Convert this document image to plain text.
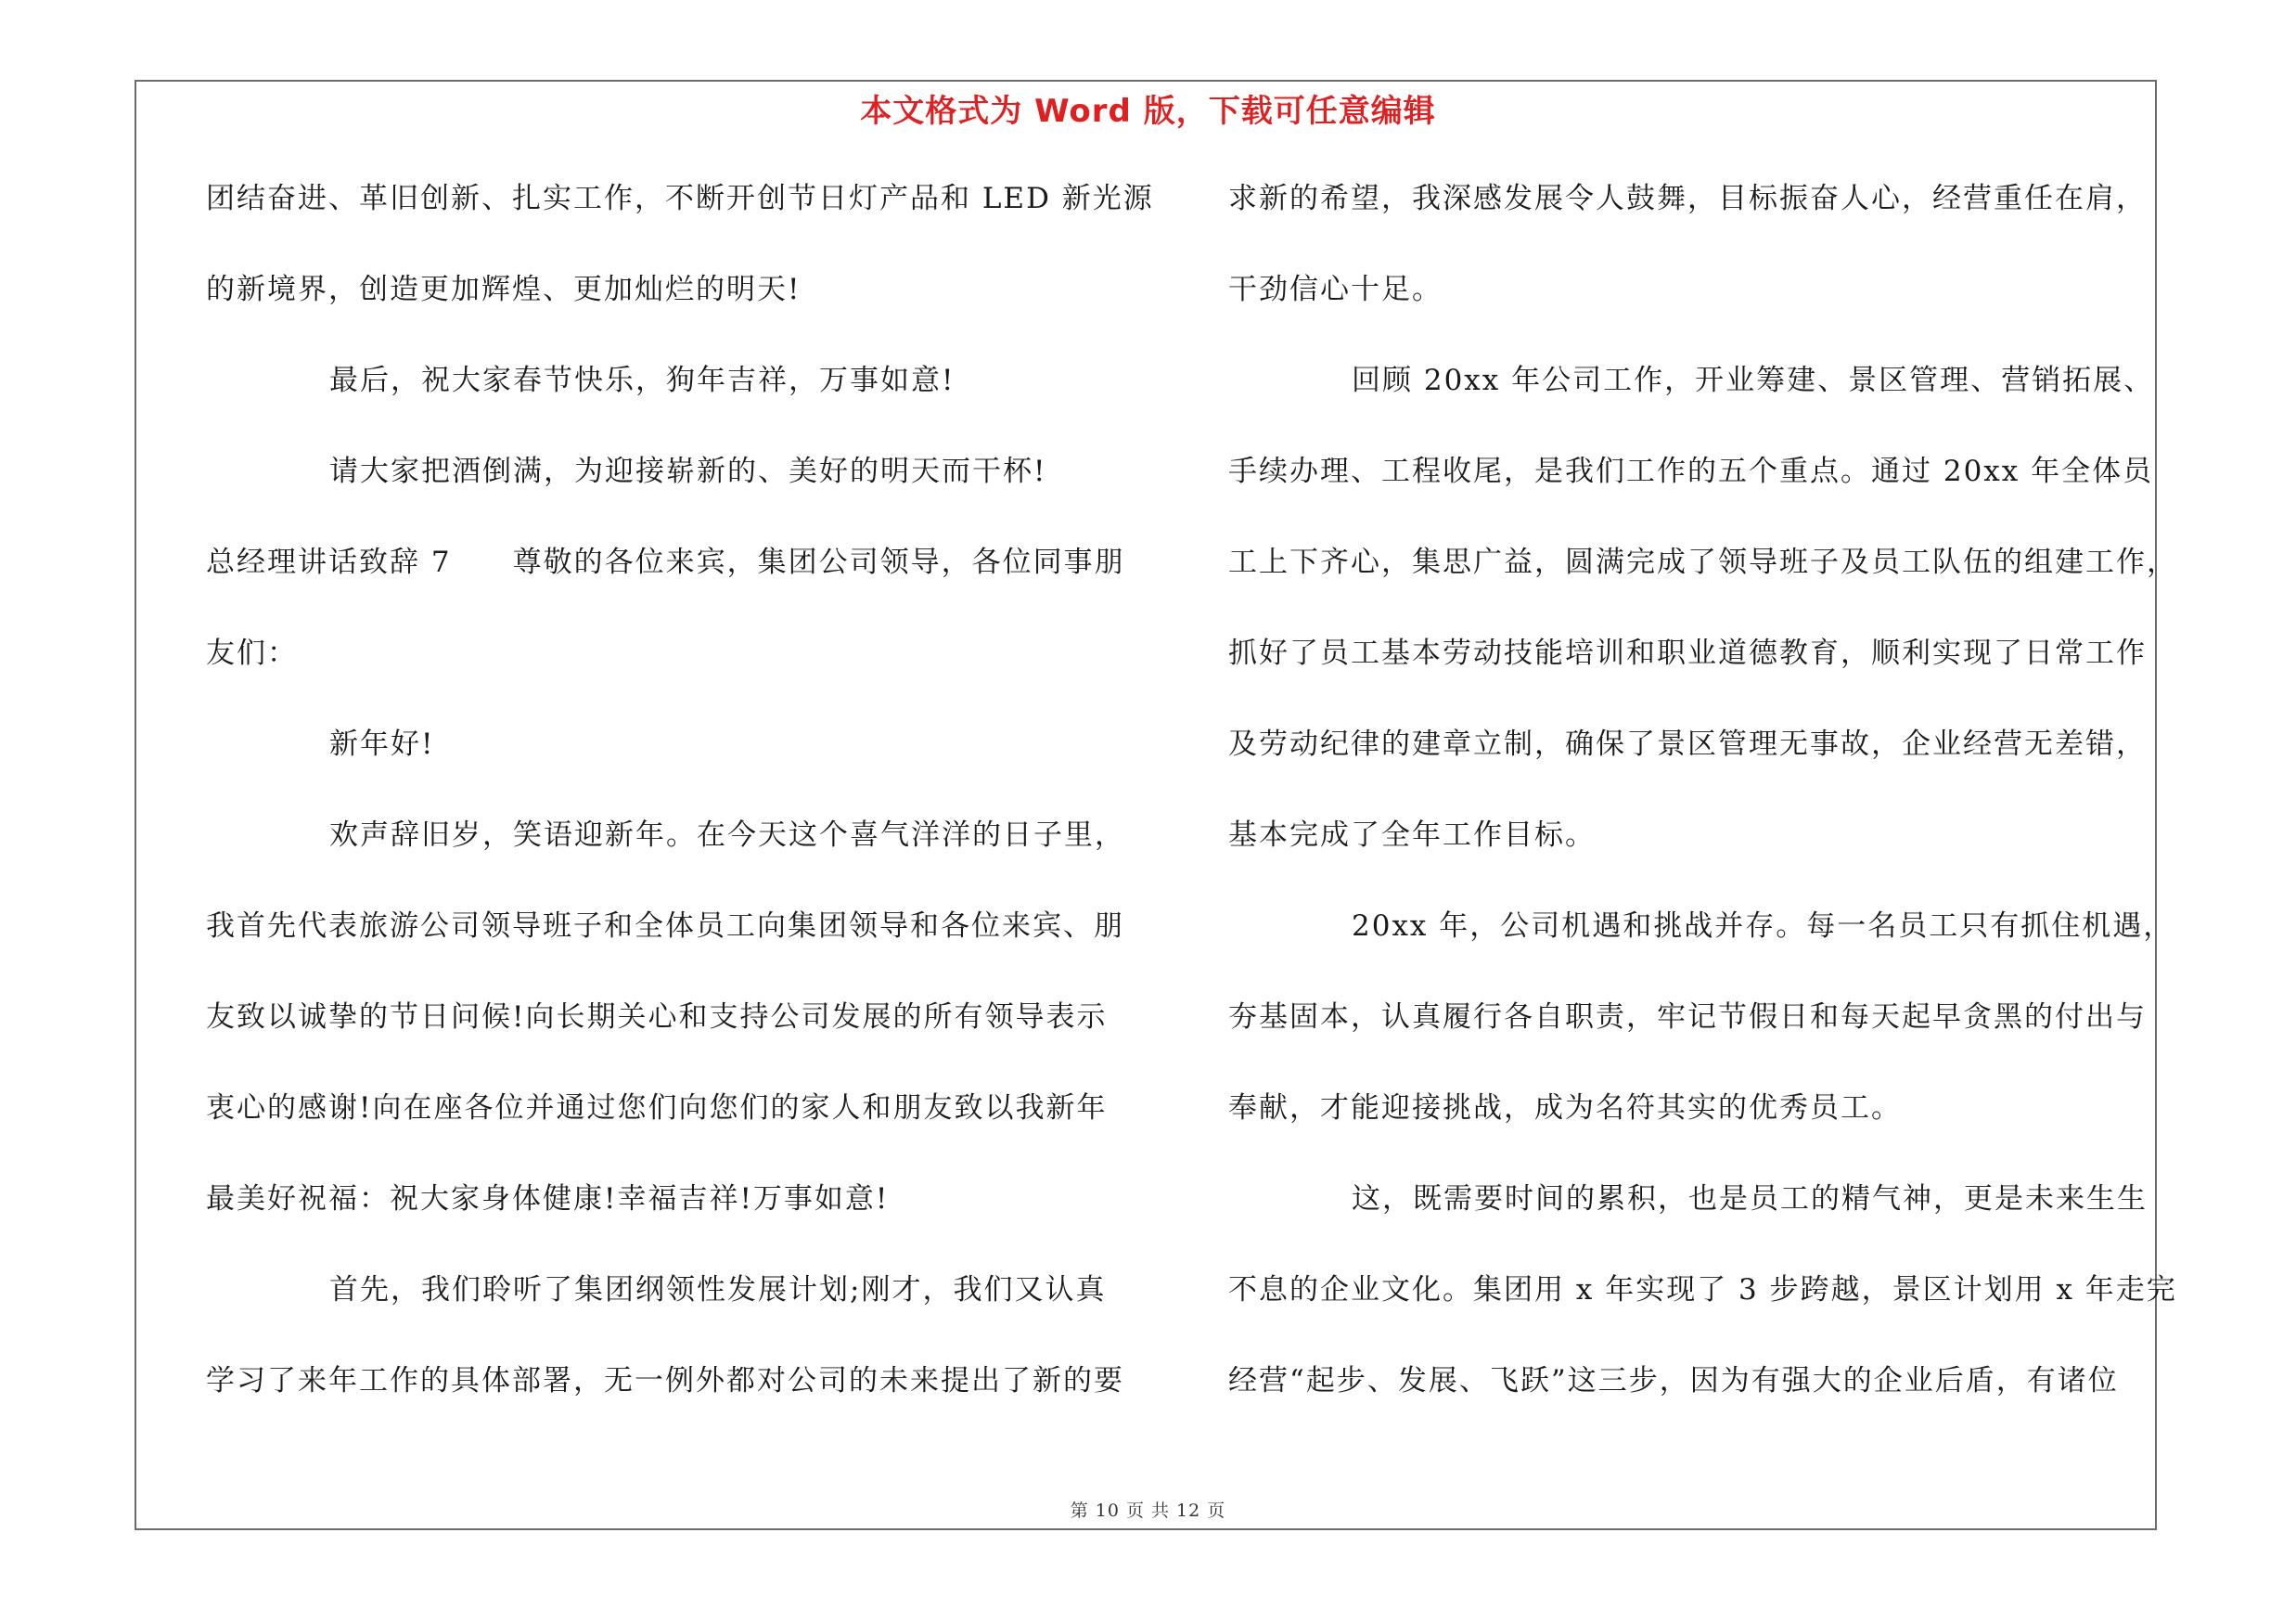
本文格式为 Word 版，下载可任意编辑
团结奋进、革旧创新、扎实工作，不断开创节日灯产品和 LED 新光源
的新境界，创造更加辉煌、更加灿烂的明天!
最后，祝大家春节快乐，狗年吉祥，万事如意!
请大家把酒倒满，为迎接崭新的、美好的明天而干杯!
总经理讲话致辞 7　　尊敬的各位来宾，集团公司领导，各位同事朋
友们：
新年好!
欢声辞旧岁，笑语迎新年。在今天这个喜气洋洋的日子里，
我首先代表旅游公司领导班子和全体员工向集团领导和各位来宾、朋
友致以诚挚的节日问候!向长期关心和支持公司发展的所有领导表示
衷心的感谢!向在座各位并通过您们向您们的家人和朋友致以我新年
最美好祝福：祝大家身体健康!幸福吉祥!万事如意!
首先，我们聆听了集团纲领性发展计划;刚才，我们又认真
学习了来年工作的具体部署，无一例外都对公司的未来提出了新的要
求新的希望，我深感发展令人鼓舞，目标振奋人心，经营重任在肩，
干劲信心十足。
回顾 20xx 年公司工作，开业筹建、景区管理、营销拓展、
手续办理、工程收尾，是我们工作的五个重点。通过 20xx 年全体员
工上下齐心，集思广益，圆满完成了领导班子及员工队伍的组建工作，
抓好了员工基本劳动技能培训和职业道德教育，顺利实现了日常工作
及劳动纪律的建章立制，确保了景区管理无事故，企业经营无差错，
基本完成了全年工作目标。
20xx 年，公司机遇和挑战并存。每一名员工只有抓住机遇，
夯基固本，认真履行各自职责，牢记节假日和每天起早贪黑的付出与
奉献，才能迎接挑战，成为名符其实的优秀员工。
这，既需要时间的累积，也是员工的精气神，更是未来生生
不息的企业文化。集团用 x 年实现了 3 步跨越，景区计划用 x 年走完
经营“起步、发展、飞跃”这三步，因为有强大的企业后盾，有诸位
第 10 页 共 12 页
